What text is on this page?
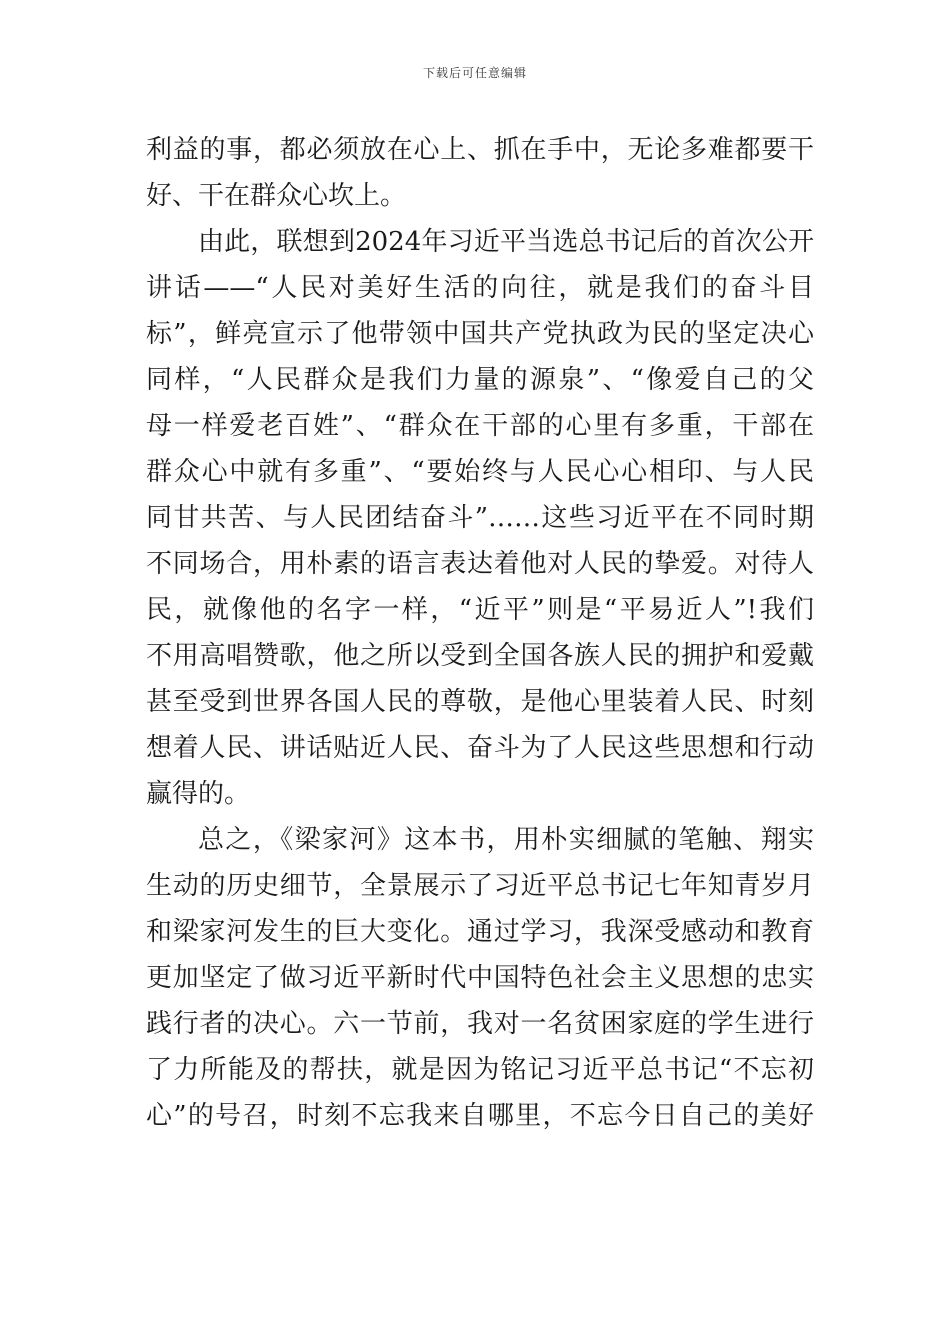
下载后可任意编辑
利益的事，都必须放在心上、抓在手中，无论多难都要干
好、干在群众心坎上。
由此，联想到2024年习近平当选总书记后的首次公开
讲话——“人民对美好生活的向往，就是我们的奋斗目
标”，鲜亮宣示了他带领中国共产党执政为民的坚定决心
同样，“人民群众是我们力量的源泉”、“像爱自己的父
母一样爱老百姓”、“群众在干部的心里有多重，干部在
群众心中就有多重”、“要始终与人民心心相印、与人民
同甘共苦、与人民团结奋斗”……这些习近平在不同时期
不同场合，用朴素的语言表达着他对人民的挚爱。对待人
民，就像他的名字一样，“近平”则是“平易近人”!我们
不用高唱赞歌，他之所以受到全国各族人民的拥护和爱戴
甚至受到世界各国人民的尊敬，是他心里装着人民、时刻
想着人民、讲话贴近人民、奋斗为了人民这些思想和行动
赢得的。
总之，《梁家河》这本书，用朴实细腻的笔触、翔实
生动的历史细节，全景展示了习近平总书记七年知青岁月
和梁家河发生的巨大变化。通过学习，我深受感动和教育
更加坚定了做习近平新时代中国特色社会主义思想的忠实
践行者的决心。六一节前，我对一名贫困家庭的学生进行
了力所能及的帮扶，就是因为铭记习近平总书记“不忘初
心”的号召，时刻不忘我来自哪里，不忘今日自己的美好
